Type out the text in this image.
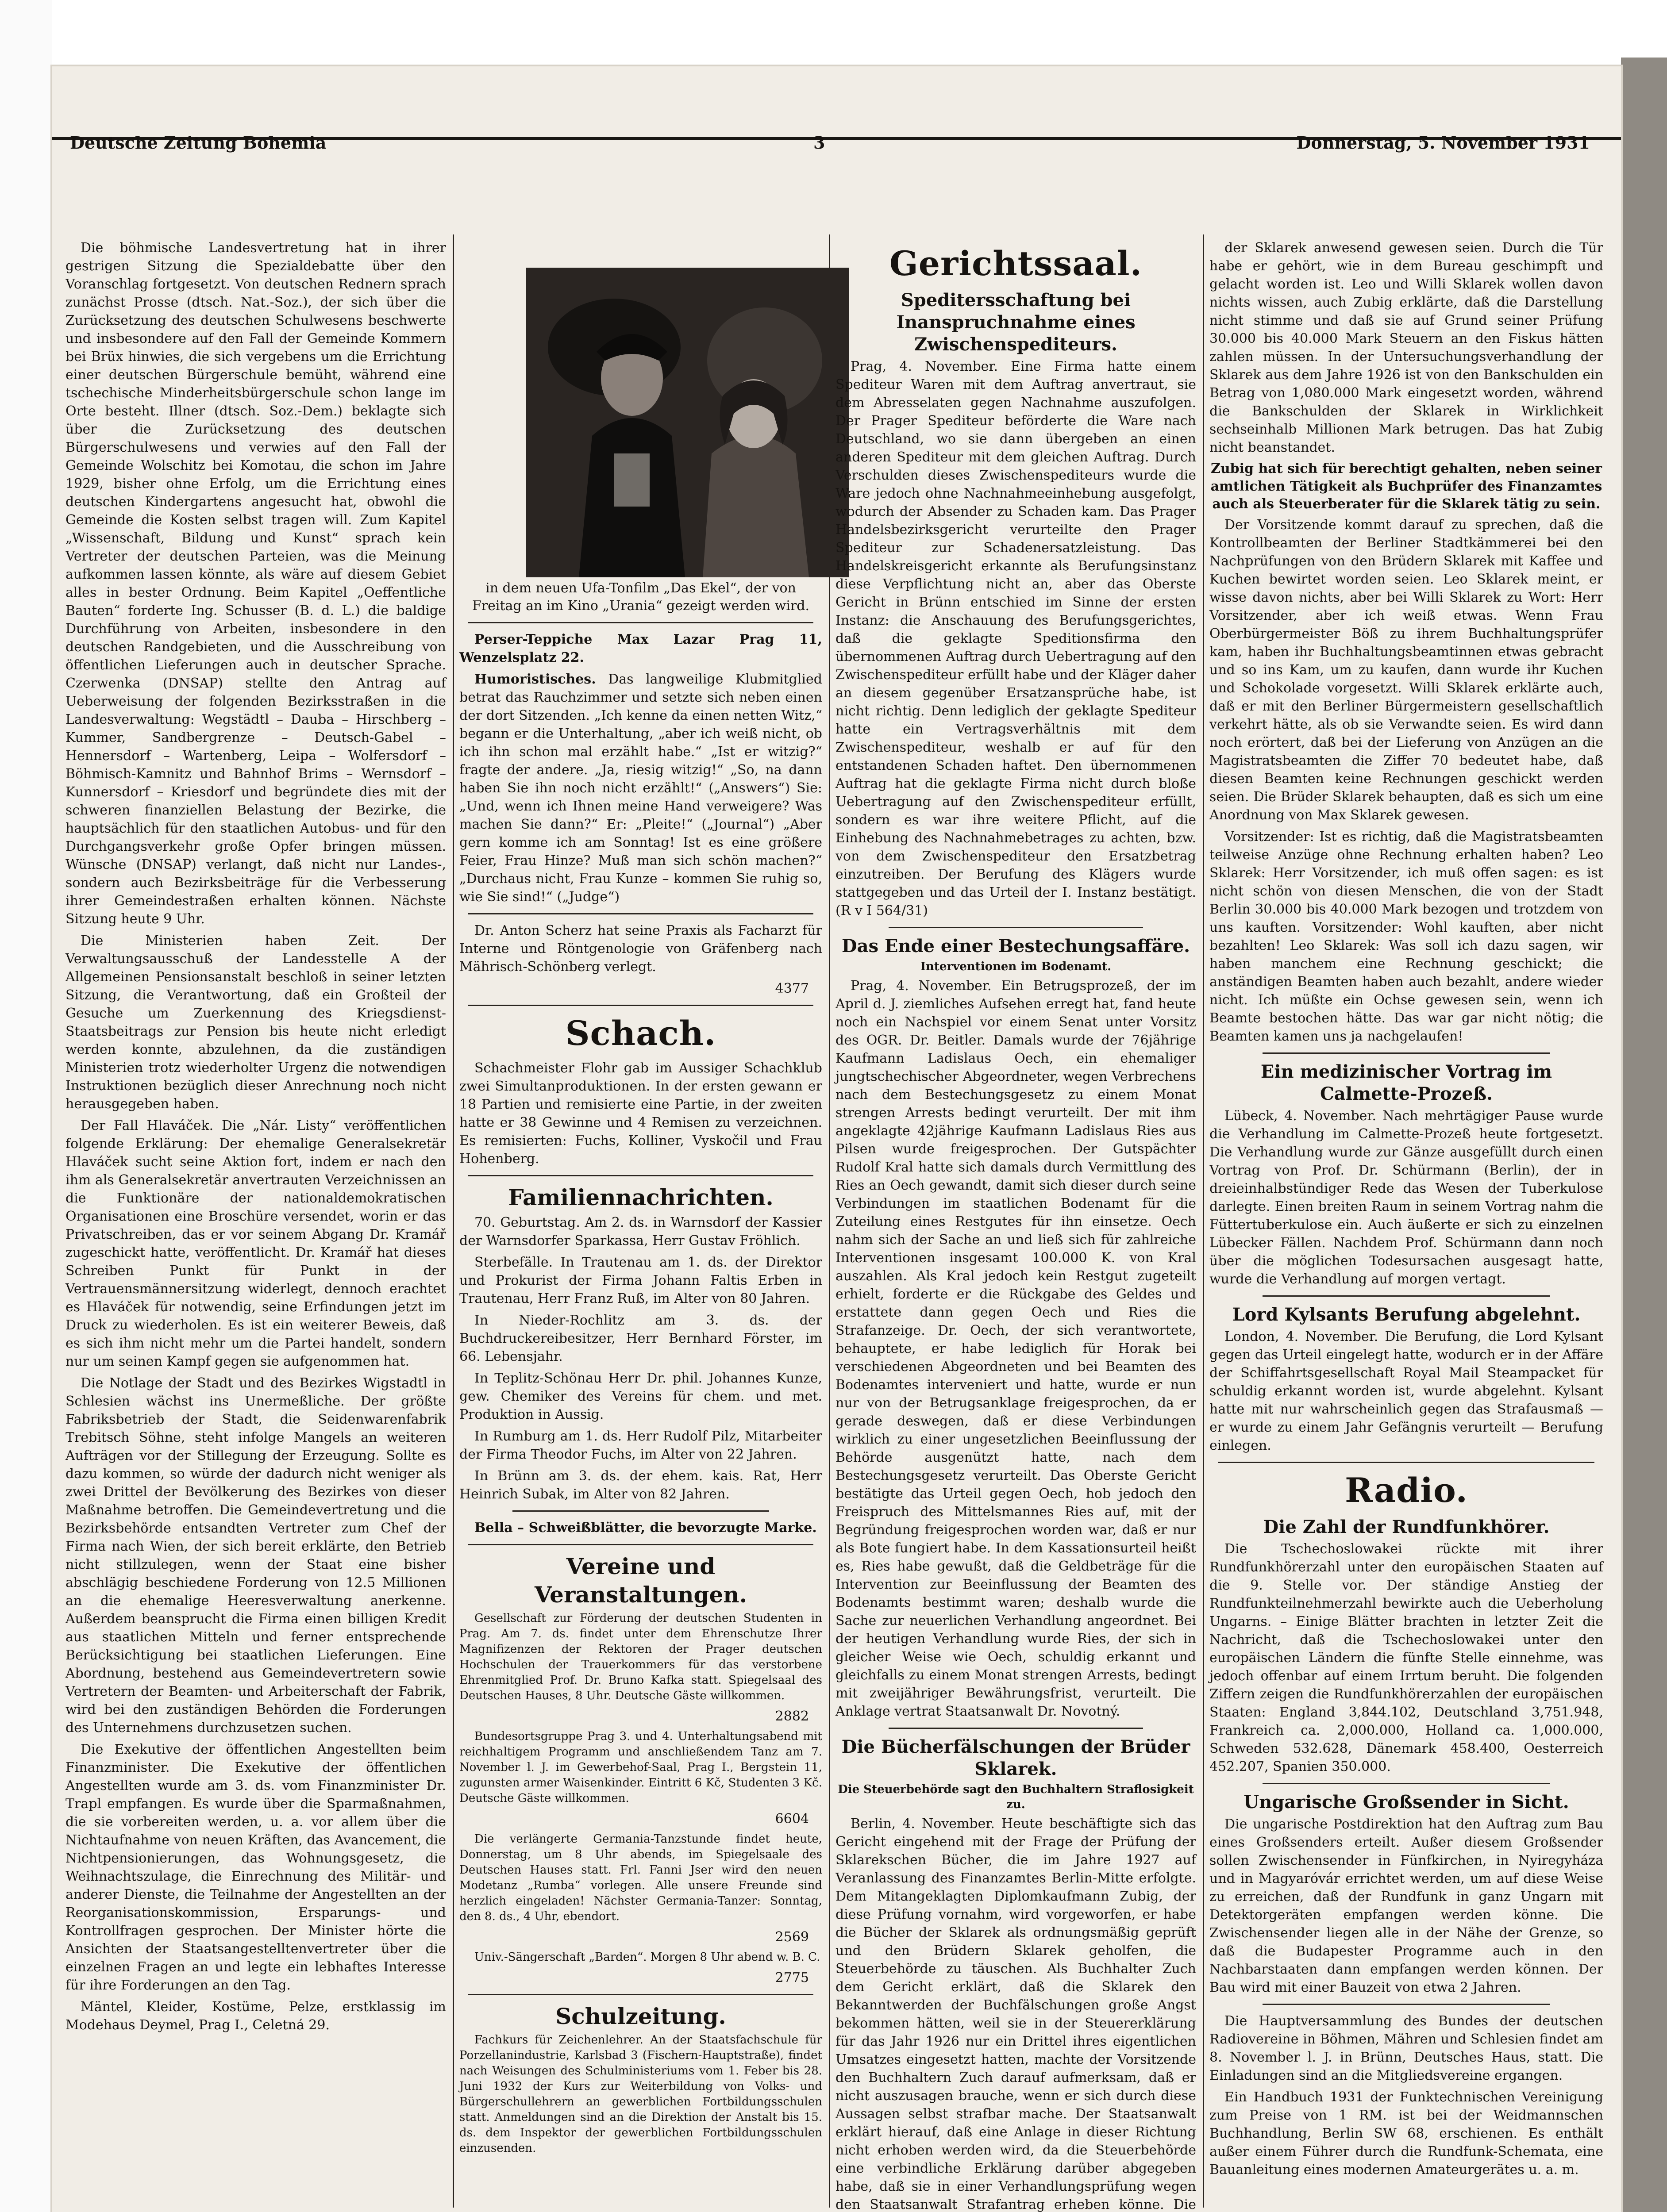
Deutsche Zeitung Bohemia	3	Donnerstag, 5. November 1931

Die böhmische Landesvertretung hat in ihrer gestrigen Sitzung die Spezialdebatte über den Voranschlag fortgesetzt. Von deutschen Rednern sprach zunächst Prosse (dtsch. Nat.-Soz.), der sich über die Zurücksetzung des deutschen Schulwesens beschwerte und insbesondere auf den Fall der Gemeinde Kommern bei Brüx hinwies, die sich vergebens um die Errichtung einer deutschen Bürgerschule bemüht, während eine tschechische Minderheitsbürgerschule schon lange im Orte besteht. Illner (dtsch. Soz.-Dem.) beklagte sich über die Zurücksetzung des deutschen Bürgerschulwesens und verwies auf den Fall der Gemeinde Wolschitz bei Komotau, die schon im Jahre 1929, bisher ohne Erfolg, um die Errichtung eines deutschen Kindergartens angesucht hat, obwohl die Gemeinde die Kosten selbst tragen will. Zum Kapitel „Wissenschaft, Bildung und Kunst“ sprach kein Vertreter der deutschen Parteien, was die Meinung aufkommen lassen könnte, als wäre auf diesem Gebiet alles in bester Ordnung. Beim Kapitel „Oeffentliche Bauten“ forderte Ing. Schusser (B. d. L.) die baldige Durchführung von Arbeiten, insbesondere in den deutschen Randgebieten, und die Ausschreibung von öffentlichen Lieferungen auch in deutscher Sprache. Czerwenka (DNSAP) stellte den Antrag auf Ueberweisung der folgenden Bezirksstraßen in die Landesverwaltung: Wegstädtl – Dauba – Hirschberg – Kummer, Sandbergrenze – Deutsch-Gabel – Hennersdorf – Wartenberg, Leipa – Wolfersdorf – Böhmisch-Kamnitz und Bahnhof Brims – Wernsdorf – Kunnersdorf – Kriesdorf und begründete dies mit der schweren finanziellen Belastung der Bezirke, die hauptsächlich für den staatlichen Autobus- und für den Durchgangsverkehr große Opfer bringen müssen. Wünsche (DNSAP) verlangt, daß nicht nur Landes-, sondern auch Bezirksbeiträge für die Verbesserung ihrer Gemeindestraßen erhalten können. Nächste Sitzung heute 9 Uhr.

Die Ministerien haben Zeit. Der Verwaltungsausschuß der Landesstelle A der Allgemeinen Pensionsanstalt beschloß in seiner letzten Sitzung, die Verantwortung, daß ein Großteil der Gesuche um Zuerkennung des Kriegsdienst-Staatsbeitrags zur Pension bis heute nicht erledigt werden konnte, abzulehnen, da die zuständigen Ministerien trotz wiederholter Urgenz die notwendigen Instruktionen bezüglich dieser Anrechnung noch nicht herausgegeben haben.

Der Fall Hlaváček. Die „Nár. Listy“ veröffentlichen folgende Erklärung: Der ehemalige Generalsekretär Hlaváček sucht seine Aktion fort, indem er nach den ihm als Generalsekretär anvertrauten Verzeichnissen an die Funktionäre der nationaldemokratischen Organisationen eine Broschüre versendet, worin er das Privatschreiben, das er vor seinem Abgang Dr. Kramář zugeschickt hatte, veröffentlicht. Dr. Kramář hat dieses Schreiben Punkt für Punkt in der Vertrauensmännersitzung widerlegt, dennoch erachtet es Hlaváček für notwendig, seine Erfindungen jetzt im Druck zu wiederholen. Es ist ein weiterer Beweis, daß es sich ihm nicht mehr um die Partei handelt, sondern nur um seinen Kampf gegen sie aufgenommen hat.

Die Notlage der Stadt und des Bezirkes Wigstadtl in Schlesien wächst ins Unermeßliche. Der größte Fabriksbetrieb der Stadt, die Seidenwarenfabrik Trebitsch Söhne, steht infolge Mangels an weiteren Aufträgen vor der Stillegung der Erzeugung. Sollte es dazu kommen, so würde der dadurch nicht weniger als zwei Drittel der Bevölkerung des Bezirkes von dieser Maßnahme betroffen. Die Gemeindevertretung und die Bezirksbehörde entsandten Vertreter zum Chef der Firma nach Wien, der sich bereit erklärte, den Betrieb nicht stillzulegen, wenn der Staat eine bisher abschlägig beschiedene Forderung von 12.5 Millionen an die ehemalige Heeresverwaltung anerkenne. Außerdem beansprucht die Firma einen billigen Kredit aus staatlichen Mitteln und ferner entsprechende Berücksichtigung bei staatlichen Lieferungen. Eine Abordnung, bestehend aus Gemeindevertretern sowie Vertretern der Beamten- und Arbeiterschaft der Fabrik, wird bei den zuständigen Behörden die Forderungen des Unternehmens durchzusetzen suchen.

Die Exekutive der öffentlichen Angestellten beim Finanzminister. Die Exekutive der öffentlichen Angestellten wurde am 3. ds. vom Finanzminister Dr. Trapl empfangen. Es wurde über die Sparmaßnahmen, die sie vorbereiten werden, u. a. vor allem über die Nichtaufnahme von neuen Kräften, das Avancement, die Nichtpensionierungen, das Wohnungsgesetz, die Weihnachtszulage, die Einrechnung des Militär- und anderer Dienste, die Teilnahme der Angestellten an der Reorganisationskommission, Ersparungs- und Kontrollfragen gesprochen. Der Minister hörte die Ansichten der Staatsangestelltenvertreter über die einzelnen Fragen an und legte ein lebhaftes Interesse für ihre Forderungen an den Tag.

Mäntel, Kleider, Kostüme, Pelze, erstklassig im Modehaus Deymel, Prag I., Celetná 29.

in dem neuen Ufa-Tonfilm „Das Ekel“, der von Freitag an im Kino „Urania“ gezeigt werden wird.

Perser-Teppiche Max Lazar Prag 11, Wenzelsplatz 22.

Humoristisches. Das langweilige Klubmitglied betrat das Rauchzimmer und setzte sich neben einen der dort Sitzenden. „Ich kenne da einen netten Witz,“ begann er die Unterhaltung, „aber ich weiß nicht, ob ich ihn schon mal erzählt habe.“ „Ist er witzig?“ fragte der andere. „Ja, riesig witzig!“ „So, na dann haben Sie ihn noch nicht erzählt!“ („Answers“) Sie: „Und, wenn ich Ihnen meine Hand verweigere? Was machen Sie dann?“ Er: „Pleite!“ („Journal“) „Aber gern komme ich am Sonntag! Ist es eine größere Feier, Frau Hinze? Muß man sich schön machen?“ „Durchaus nicht, Frau Kunze – kommen Sie ruhig so, wie Sie sind!“ („Judge“)

Dr. Anton Scherz hat seine Praxis als Facharzt für Interne und Röntgenologie von Gräfenberg nach Mährisch-Schönberg verlegt.

4377
Schach.

Schachmeister Flohr gab im Aussiger Schachklub zwei Simultanproduktionen. In der ersten gewann er 18 Partien und remisierte eine Partie, in der zweiten hatte er 38 Gewinne und 4 Remisen zu verzeichnen. Es remisierten: Fuchs, Kolliner, Vyskočil und Frau Hohenberg.

Familiennachrichten.

70. Geburtstag. Am 2. ds. in Warnsdorf der Kassier der Warnsdorfer Sparkassa, Herr Gustav Fröhlich.

Sterbefälle. In Trautenau am 1. ds. der Direktor und Prokurist der Firma Johann Faltis Erben in Trautenau, Herr Franz Ruß, im Alter von 80 Jahren.

In Nieder-Rochlitz am 3. ds. der Buchdruckereibesitzer, Herr Bernhard Förster, im 66. Lebensjahr.

In Teplitz-Schönau Herr Dr. phil. Johannes Kunze, gew. Chemiker des Vereins für chem. und met. Produktion in Aussig.

In Rumburg am 1. ds. Herr Rudolf Pilz, Mitarbeiter der Firma Theodor Fuchs, im Alter von 22 Jahren.

In Brünn am 3. ds. der ehem. kais. Rat, Herr Heinrich Subak, im Alter von 82 Jahren.

Bella – Schweißblätter, die bevorzugte Marke.

Vereine und Veranstaltungen.

Gesellschaft zur Förderung der deutschen Studenten in Prag. Am 7. ds. findet unter dem Ehrenschutze Ihrer Magnifizenzen der Rektoren der Prager deutschen Hochschulen der Trauerkommers für das verstorbene Ehrenmitglied Prof. Dr. Bruno Kafka statt. Spiegelsaal des Deutschen Hauses, 8 Uhr. Deutsche Gäste willkommen.

2882

Bundesortsgruppe Prag 3. und 4. Unterhaltungsabend mit reichhaltigem Programm und anschließendem Tanz am 7. November l. J. im Gewerbehof-Saal, Prag I., Bergstein 11, zugunsten armer Waisenkinder. Eintritt 6 Kč, Studenten 3 Kč. Deutsche Gäste willkommen.

6604

Die verlängerte Germania-Tanzstunde findet heute, Donnerstag, um 8 Uhr abends, im Spiegelsaale des Deutschen Hauses statt. Frl. Fanni Jser wird den neuen Modetanz „Rumba“ vorlegen. Alle unsere Freunde sind herzlich eingeladen! Nächster Germania-Tanzer: Sonntag, den 8. ds., 4 Uhr, ebendort.

2569

Univ.-Sängerschaft „Barden“. Morgen 8 Uhr abend w. B. C.

2775
Schulzeitung.

Fachkurs für Zeichenlehrer. An der Staatsfachschule für Porzellanindustrie, Karlsbad 3 (Fischern-Hauptstraße), findet nach Weisungen des Schulministeriums vom 1. Feber bis 28. Juni 1932 der Kurs zur Weiterbildung von Volks- und Bürgerschullehrern an gewerblichen Fortbildungsschulen statt. Anmeldungen sind an die Direktion der Anstalt bis 15. ds. dem Inspektor der gewerblichen Fortbildungsschulen einzusenden.

Gerichtssaal.
Speditersschaftung bei Inanspruchnahme eines Zwischenspediteurs.

Prag, 4. November. Eine Firma hatte einem Spediteur Waren mit dem Auftrag anvertraut, sie dem Abresselaten gegen Nachnahme auszufolgen. Der Prager Spediteur beförderte die Ware nach Deutschland, wo sie dann übergeben an einen anderen Spediteur mit dem gleichen Auftrag. Durch Verschulden dieses Zwischenspediteurs wurde die Ware jedoch ohne Nachnahmeeinhebung ausgefolgt, wodurch der Absender zu Schaden kam. Das Prager Handelsbezirksgericht verurteilte den Prager Spediteur zur Schadenersatzleistung. Das Handelskreisgericht erkannte als Berufungsinstanz diese Verpflichtung nicht an, aber das Oberste Gericht in Brünn entschied im Sinne der ersten Instanz: die Anschauung des Berufungsgerichtes, daß die geklagte Speditionsfirma den übernommenen Auftrag durch Uebertragung auf den Zwischenspediteur erfüllt habe und der Kläger daher an diesem gegenüber Ersatzansprüche habe, ist nicht richtig. Denn lediglich der geklagte Spediteur hatte ein Vertragsverhältnis mit dem Zwischenspediteur, weshalb er auf für den entstandenen Schaden haftet. Den übernommenen Auftrag hat die geklagte Firma nicht durch bloße Uebertragung auf den Zwischenspediteur erfüllt, sondern es war ihre weitere Pflicht, auf die Einhebung des Nachnahmebetrages zu achten, bzw. von dem Zwischenspediteur den Ersatzbetrag einzutreiben. Der Berufung des Klägers wurde stattgegeben und das Urteil der I. Instanz bestätigt. (R v I 564/31)

Das Ende einer Bestechungsaffäre.
Interventionen im Bodenamt.

Prag, 4. November. Ein Betrugsprozeß, der im April d. J. ziemliches Aufsehen erregt hat, fand heute noch ein Nachspiel vor einem Senat unter Vorsitz des OGR. Dr. Beitler. Damals wurde der 76jährige Kaufmann Ladislaus Oech, ein ehemaliger jungtschechischer Abgeordneter, wegen Verbrechens nach dem Bestechungsgesetz zu einem Monat strengen Arrests bedingt verurteilt. Der mit ihm angeklagte 42jährige Kaufmann Ladislaus Ries aus Pilsen wurde freigesprochen. Der Gutspächter Rudolf Kral hatte sich damals durch Vermittlung des Ries an Oech gewandt, damit sich dieser durch seine Verbindungen im staatlichen Bodenamt für die Zuteilung eines Restgutes für ihn einsetze. Oech nahm sich der Sache an und ließ sich für zahlreiche Interventionen insgesamt 100.000 K. von Kral auszahlen. Als Kral jedoch kein Restgut zugeteilt erhielt, forderte er die Rückgabe des Geldes und erstattete dann gegen Oech und Ries die Strafanzeige. Dr. Oech, der sich verantwortete, behauptete, er habe lediglich für Horak bei verschiedenen Abgeordneten und bei Beamten des Bodenamtes interveniert und hatte, wurde er nun nur von der Betrugsanklage freigesprochen, da er gerade deswegen, daß er diese Verbindungen wirklich zu einer ungesetzlichen Beeinflussung der Behörde ausgenützt hatte, nach dem Bestechungsgesetz verurteilt. Das Oberste Gericht bestätigte das Urteil gegen Oech, hob jedoch den Freispruch des Mittelsmannes Ries auf, mit der Begründung freigesprochen worden war, daß er nur als Bote fungiert habe. In dem Kassationsurteil heißt es, Ries habe gewußt, daß die Geldbeträge für die Intervention zur Beeinflussung der Beamten des Bodenamts bestimmt waren; deshalb wurde die Sache zur neuerlichen Verhandlung angeordnet. Bei der heutigen Verhandlung wurde Ries, der sich in gleicher Weise wie Oech, schuldig erkannt und gleichfalls zu einem Monat strengen Arrests, bedingt mit zweijähriger Bewährungsfrist, verurteilt. Die Anklage vertrat Staatsanwalt Dr. Novotný.

Die Bücherfälschungen der Brüder Sklarek.
Die Steuerbehörde sagt den Buchhaltern Straflosigkeit zu.

Berlin, 4. November. Heute beschäftigte sich das Gericht eingehend mit der Frage der Prüfung der Sklarekschen Bücher, die im Jahre 1927 auf Veranlassung des Finanzamtes Berlin-Mitte erfolgte. Dem Mitangeklagten Diplomkaufmann Zubig, der diese Prüfung vornahm, wird vorgeworfen, er habe die Bücher der Sklarek als ordnungsmäßig geprüft und den Brüdern Sklarek geholfen, die Steuerbehörde zu täuschen. Als Buchhalter Zuch dem Gericht erklärt, daß die Sklarek den Bekanntwerden der Buchfälschungen große Angst bekommen hätten, weil sie in der Steuererklärung für das Jahr 1926 nur ein Drittel ihres eigentlichen Umsatzes eingesetzt hatten, machte der Vorsitzende den Buchhaltern Zuch darauf aufmerksam, daß er nicht auszusagen brauche, wenn er sich durch diese Aussagen selbst strafbar mache. Der Staatsanwalt erklärt hierauf, daß eine Anlage in dieser Richtung nicht erhoben werden wird, da die Steuerbehörde eine verbindliche Erklärung darüber abgegeben habe, daß sie in einer Verhandlungsprüfung wegen den Staatsanwalt Strafantrag erheben könne. Die

der Sklarek anwesend gewesen seien. Durch die Tür habe er gehört, wie in dem Bureau geschimpft und gelacht worden ist. Leo und Willi Sklarek wollen davon nichts wissen, auch Zubig erklärte, daß die Darstellung nicht stimme und daß sie auf Grund seiner Prüfung 30.000 bis 40.000 Mark Steuern an den Fiskus hätten zahlen müssen. In der Untersuchungsverhandlung der Sklarek aus dem Jahre 1926 ist von den Bankschulden ein Betrag von 1,080.000 Mark eingesetzt worden, während die Bankschulden der Sklarek in Wirklichkeit sechseinhalb Millionen Mark betrugen. Das hat Zubig nicht beanstandet.

Zubig hat sich für berechtigt gehalten, neben seiner amtlichen Tätigkeit als Buchprüfer des Finanzamtes auch als Steuerberater für die Sklarek tätig zu sein.

Der Vorsitzende kommt darauf zu sprechen, daß die Kontrollbeamten der Berliner Stadtkämmerei bei den Nachprüfungen von den Brüdern Sklarek mit Kaffee und Kuchen bewirtet worden seien. Leo Sklarek meint, er wisse davon nichts, aber bei Willi Sklarek zu Wort: Herr Vorsitzender, aber ich weiß etwas. Wenn Frau Oberbürgermeister Böß zu ihrem Buchhaltungsprüfer kam, haben ihr Buchhaltungsbeamtinnen etwas gebracht und so ins Kam, um zu kaufen, dann wurde ihr Kuchen und Schokolade vorgesetzt. Willi Sklarek erklärte auch, daß er mit den Berliner Bürgermeistern gesellschaftlich verkehrt hätte, als ob sie Verwandte seien. Es wird dann noch erörtert, daß bei der Lieferung von Anzügen an die Magistratsbeamten die Ziffer 70 bedeutet habe, daß diesen Beamten keine Rechnungen geschickt werden seien. Die Brüder Sklarek behaupten, daß es sich um eine Anordnung von Max Sklarek gewesen.

Vorsitzender: Ist es richtig, daß die Magistratsbeamten teilweise Anzüge ohne Rechnung erhalten haben? Leo Sklarek: Herr Vorsitzender, ich muß offen sagen: es ist nicht schön von diesen Menschen, die von der Stadt Berlin 30.000 bis 40.000 Mark bezogen und trotzdem von uns kauften. Vorsitzender: Wohl kauften, aber nicht bezahlten! Leo Sklarek: Was soll ich dazu sagen, wir haben manchem eine Rechnung geschickt; die anständigen Beamten haben auch bezahlt, andere wieder nicht. Ich müßte ein Ochse gewesen sein, wenn ich Beamte bestochen hätte. Das war gar nicht nötig; die Beamten kamen uns ja nachgelaufen!

Ein medizinischer Vortrag im Calmette-Prozeß.

Lübeck, 4. November. Nach mehrtägiger Pause wurde die Verhandlung im Calmette-Prozeß heute fortgesetzt. Die Verhandlung wurde zur Gänze ausgefüllt durch einen Vortrag von Prof. Dr. Schürmann (Berlin), der in dreieinhalbstündiger Rede das Wesen der Tuberkulose darlegte. Einen breiten Raum in seinem Vortrag nahm die Füttertuberkulose ein. Auch äußerte er sich zu einzelnen Lübecker Fällen. Nachdem Prof. Schürmann dann noch über die möglichen Todesursachen ausgesagt hatte, wurde die Verhandlung auf morgen vertagt.

Lord Kylsants Berufung abgelehnt.

London, 4. November. Die Berufung, die Lord Kylsant gegen das Urteil eingelegt hatte, wodurch er in der Affäre der Schiffahrtsgesellschaft Royal Mail Steampacket für schuldig erkannt worden ist, wurde abgelehnt. Kylsant hatte mit nur wahrscheinlich gegen das Strafausmaß — er wurde zu einem Jahr Gefängnis verurteilt — Berufung einlegen.

Radio.
Die Zahl der Rundfunkhörer.

Die Tschechoslowakei rückte mit ihrer Rundfunkhörerzahl unter den europäischen Staaten auf die 9. Stelle vor. Der ständige Anstieg der Rundfunkteilnehmerzahl bewirkte auch die Ueberholung Ungarns. – Einige Blätter brachten in letzter Zeit die Nachricht, daß die Tschechoslowakei unter den europäischen Ländern die fünfte Stelle einnehme, was jedoch offenbar auf einem Irrtum beruht. Die folgenden Ziffern zeigen die Rundfunkhörerzahlen der europäischen Staaten: England 3,844.102, Deutschland 3,751.948, Frankreich ca. 2,000.000, Holland ca. 1,000.000, Schweden 532.628, Dänemark 458.400, Oesterreich 452.207, Spanien 350.000.

Ungarische Großsender in Sicht.

Die ungarische Postdirektion hat den Auftrag zum Bau eines Großsenders erteilt. Außer diesem Großsender sollen Zwischensender in Fünfkirchen, in Nyiregyháza und in Magyaróvár errichtet werden, um auf diese Weise zu erreichen, daß der Rundfunk in ganz Ungarn mit Detektorgeräten empfangen werden könne. Die Zwischensender liegen alle in der Nähe der Grenze, so daß die Budapester Programme auch in den Nachbarstaaten dann empfangen werden können. Der Bau wird mit einer Bauzeit von etwa 2 Jahren.

Die Hauptversammlung des Bundes der deutschen Radiovereine in Böhmen, Mähren und Schlesien findet am 8. November l. J. in Brünn, Deutsches Haus, statt. Die Einladungen sind an die Mitgliedsvereine ergangen.

Ein Handbuch 1931 der Funktechnischen Vereinigung zum Preise von 1 RM. ist bei der Weidmannschen Buchhandlung, Berlin SW 68, erschienen. Es enthält außer einem Führer durch die Rundfunk-Schemata, eine Bauanleitung eines modernen Amateurgerätes u. a. m.
